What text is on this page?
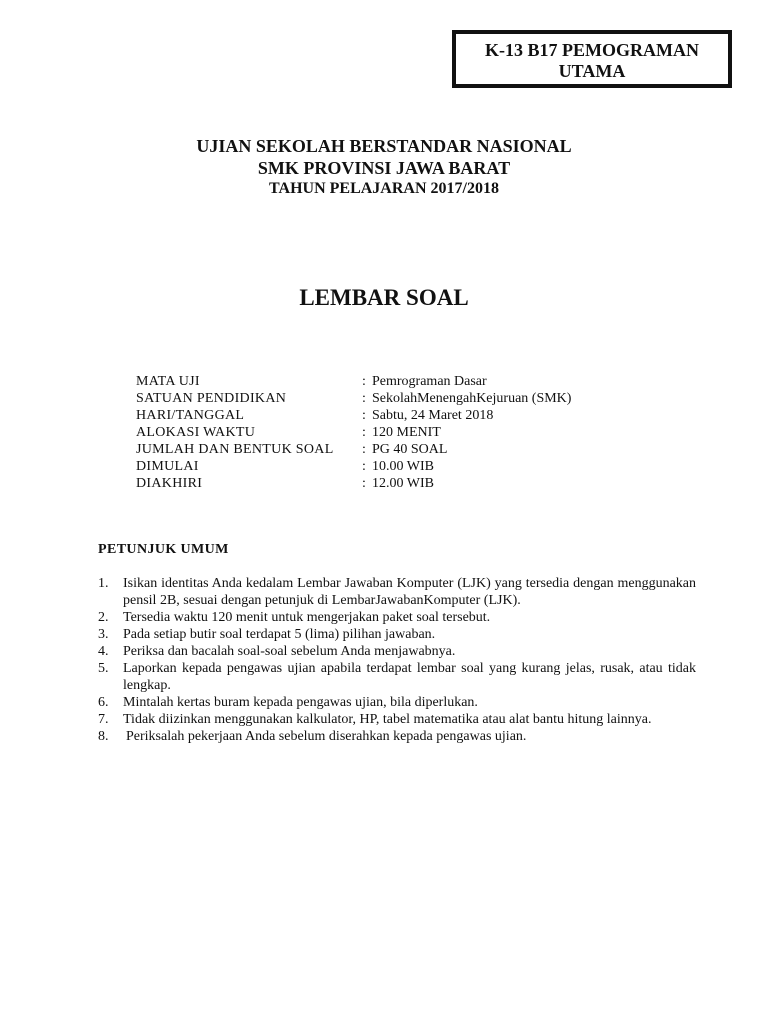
K-13 B17 PEMOGRAMAN
UTAMA
UJIAN SEKOLAH BERSTANDAR NASIONAL
SMK PROVINSI JAWA BARAT
TAHUN PELAJARAN 2017/2018
LEMBAR SOAL
MATA UJI	: Pemrograman Dasar
SATUAN PENDIDIKAN	: SekolahMenengahKejuruan (SMK)
HARI/TANGGAL	: Sabtu, 24 Maret 2018
ALOKASI WAKTU	: 120 MENIT
JUMLAH DAN BENTUK SOAL	: PG 40 SOAL
DIMULAI	: 10.00 WIB
DIAKHIRI	: 12.00 WIB
PETUNJUK UMUM
1.	Isikan identitas Anda kedalam Lembar Jawaban Komputer (LJK) yang tersedia dengan menggunakan pensil 2B, sesuai dengan petunjuk di LembarJawabanKomputer (LJK).
2.	Tersedia waktu 120 menit untuk mengerjakan paket soal tersebut.
3.	Pada setiap butir soal terdapat 5 (lima) pilihan jawaban.
4.	Periksa dan bacalah soal-soal sebelum Anda menjawabnya.
5.	Laporkan kepada pengawas ujian apabila terdapat lembar soal yang kurang jelas, rusak, atau tidak lengkap.
6.	Mintalah kertas buram kepada pengawas ujian, bila diperlukan.
7.	Tidak diizinkan menggunakan kalkulator, HP, tabel matematika atau alat bantu hitung lainnya.
8.	Periksalah pekerjaan Anda sebelum diserahkan kepada pengawas ujian.
